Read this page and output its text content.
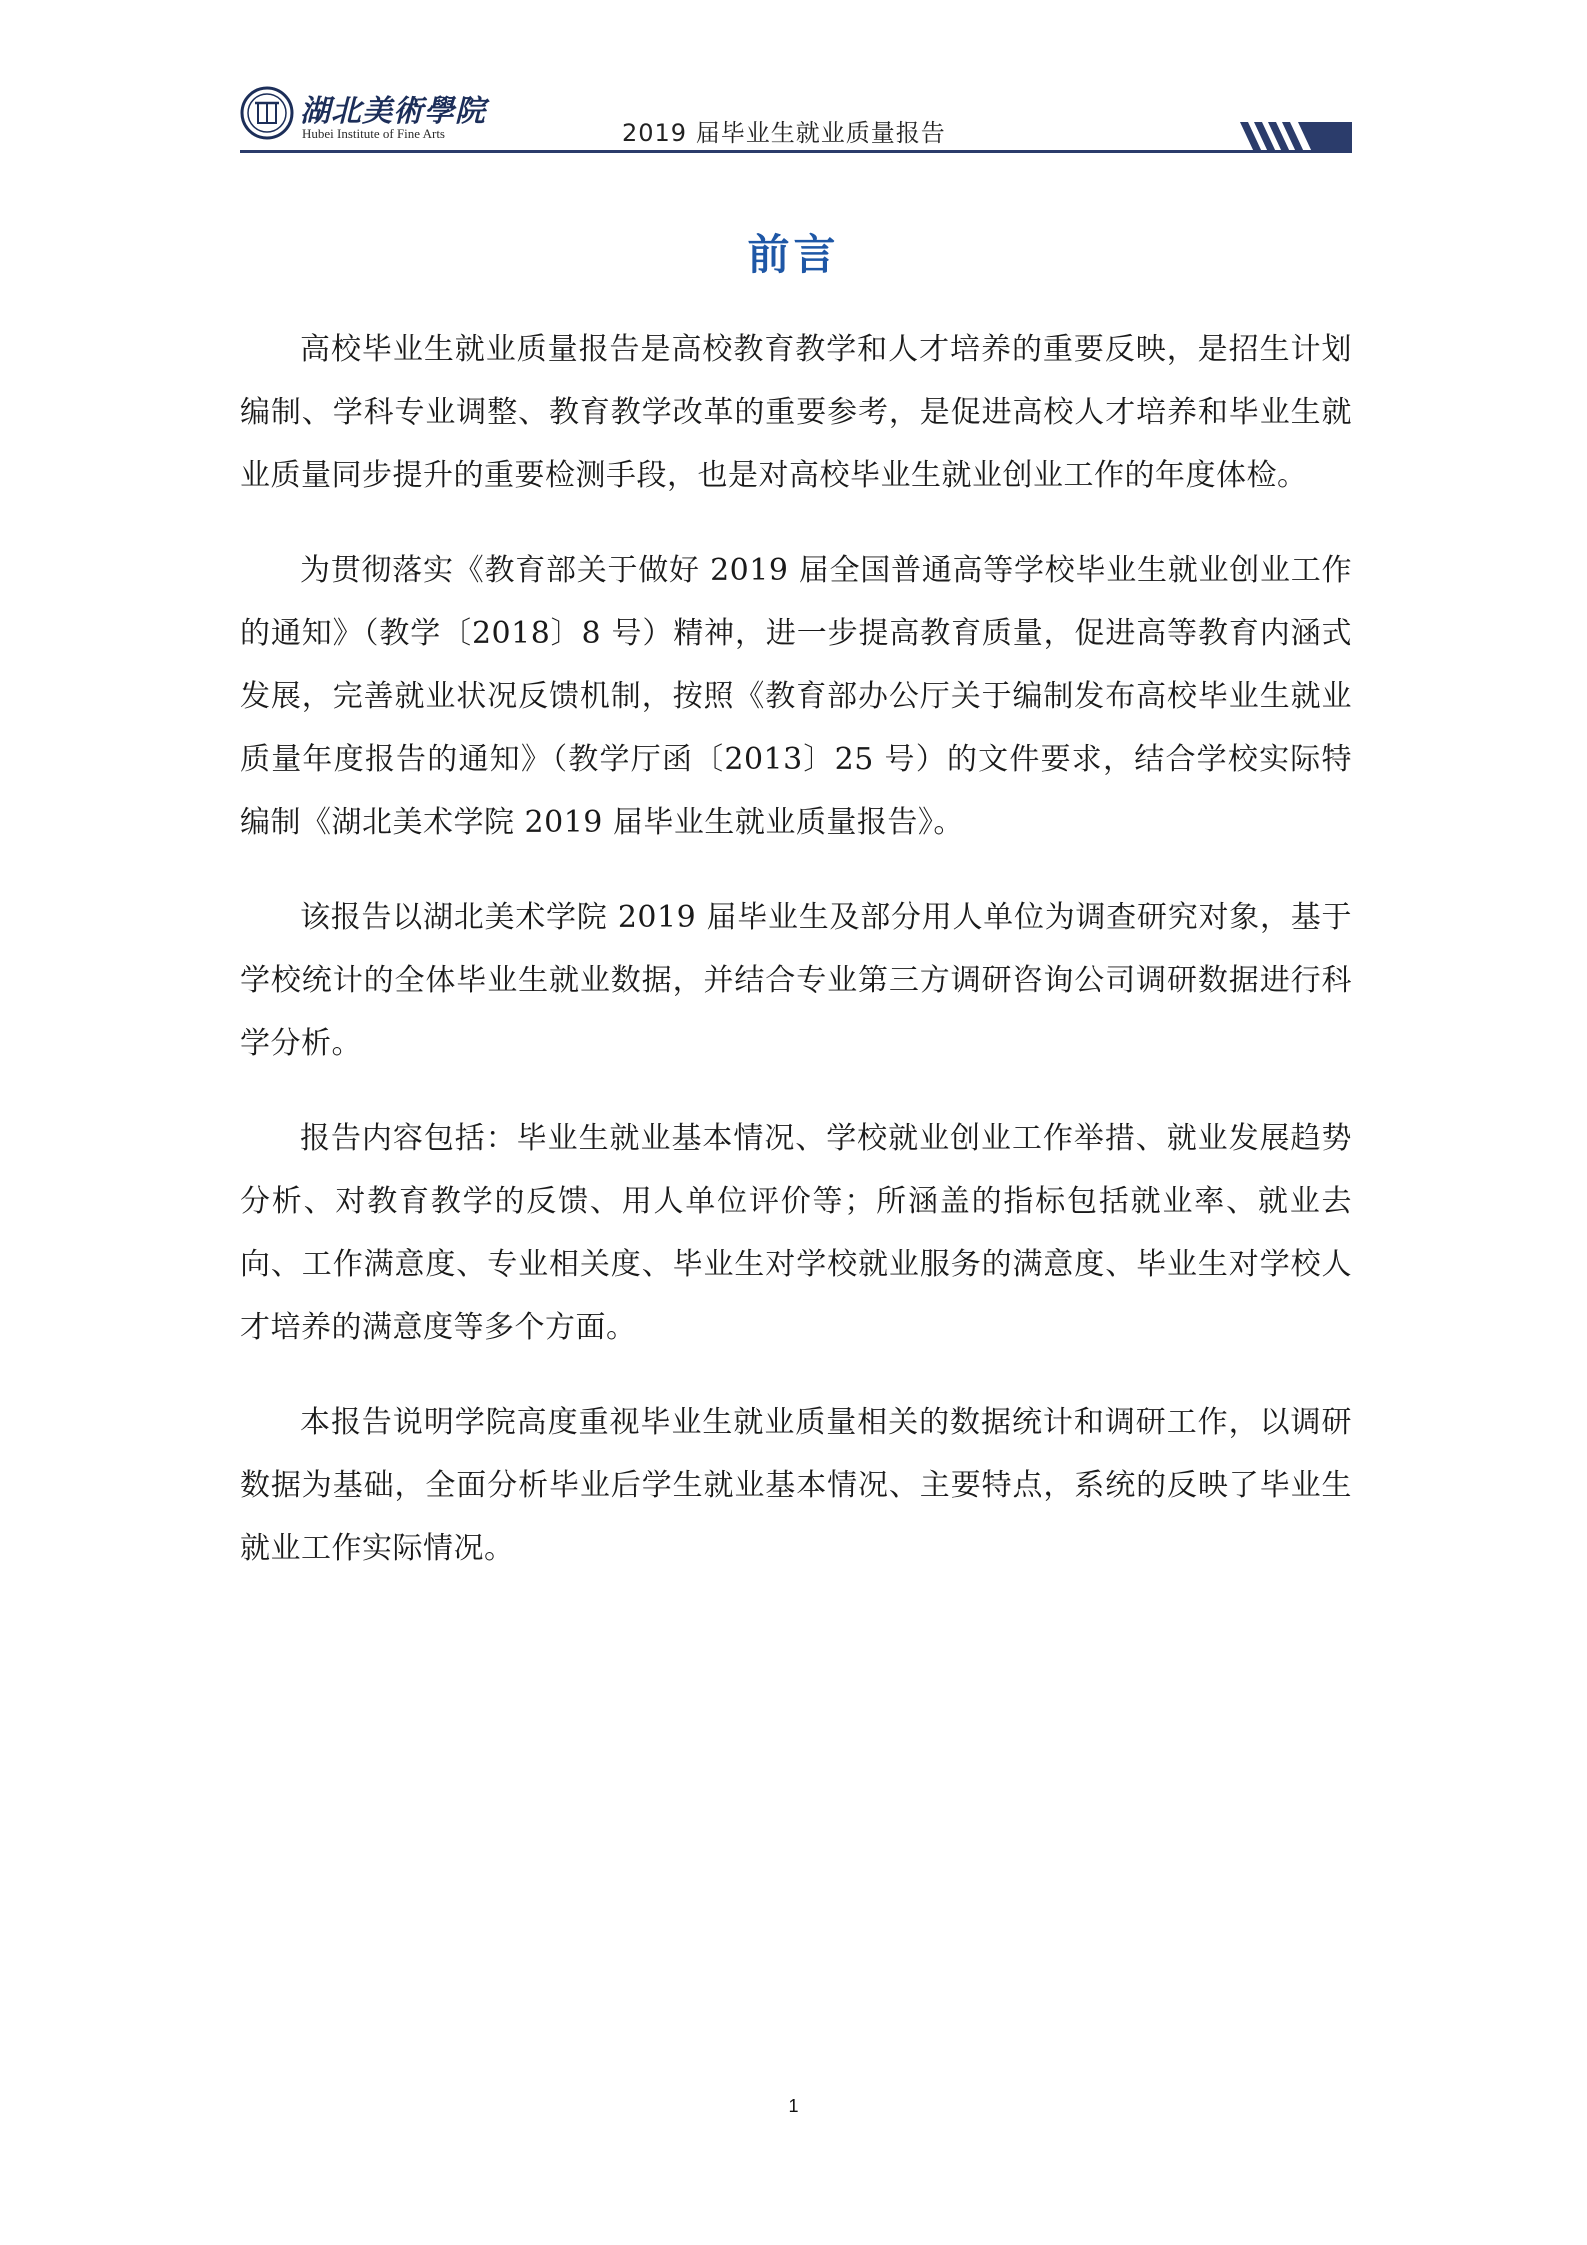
湖北美術學院
Hubei Institute of Fine Arts	2019 届毕业生就业质量报告
前言

高校毕业生就业质量报告是高校教育教学和人才培养的重要反映，是招生计划编制、学科专业调整、教育教学改革的重要参考，是促进高校人才培养和毕业生就业质量同步提升的重要检测手段，也是对高校毕业生就业创业工作的年度体检。

为贯彻落实《教育部关于做好 2019 届全国普通高等学校毕业生就业创业工作的通知》（教学〔2018〕8 号）精神，进一步提高教育质量，促进高等教育内涵式发展，完善就业状况反馈机制，按照《教育部办公厅关于编制发布高校毕业生就业质量年度报告的通知》（教学厅函〔2013〕25 号）的文件要求，结合学校实际特编制《湖北美术学院 2019 届毕业生就业质量报告》。

该报告以湖北美术学院 2019 届毕业生及部分用人单位为调查研究对象，基于学校统计的全体毕业生就业数据，并结合专业第三方调研咨询公司调研数据进行科学分析。

报告内容包括：毕业生就业基本情况、学校就业创业工作举措、就业发展趋势分析、对教育教学的反馈、用人单位评价等；所涵盖的指标包括就业率、就业去向、工作满意度、专业相关度、毕业生对学校就业服务的满意度、毕业生对学校人才培养的满意度等多个方面。

本报告说明学院高度重视毕业生就业质量相关的数据统计和调研工作，以调研数据为基础，全面分析毕业后学生就业基本情况、主要特点，系统的反映了毕业生就业工作实际情况。

1
